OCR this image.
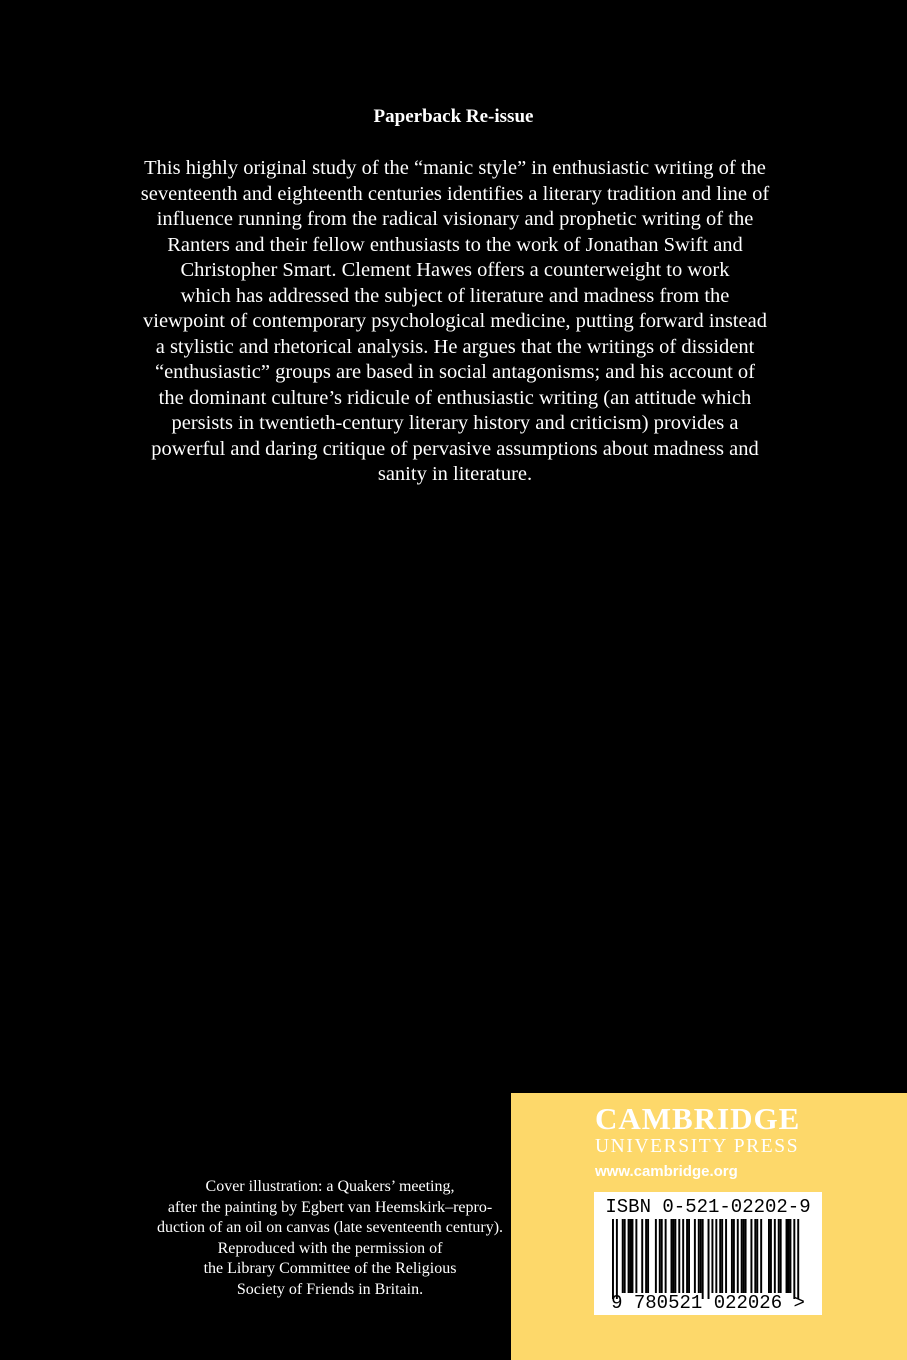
Paperback Re-issue
This highly original study of the “manic style” in enthusiastic writing of the
seventeenth and eighteenth centuries identifies a literary tradition and line of
influence running from the radical visionary and prophetic writing of the
Ranters and their fellow enthusiasts to the work of Jonathan Swift and
Christopher Smart. Clement Hawes offers a counterweight to work
which has addressed the subject of literature and madness from the
viewpoint of contemporary psychological medicine, putting forward instead
a stylistic and rhetorical analysis. He argues that the writings of dissident
“enthusiastic” groups are based in social antagonisms; and his account of
the dominant culture’s ridicule of enthusiastic writing (an attitude which
persists in twentieth-century literary history and criticism) provides a
powerful and daring critique of pervasive assumptions about madness and
sanity in literature.
Cover illustration: a Quakers’ meeting,
after the painting by Egbert van Heemskirk–repro-
duction of an oil on canvas (late seventeenth century).
Reproduced with the permission of
the Library Committee of the Religious
Society of Friends in Britain.
CAMBRIDGE
UNIVERSITY PRESS
www.cambridge.org
ISBN 0-521-02202-9
9 780521 022026 >
